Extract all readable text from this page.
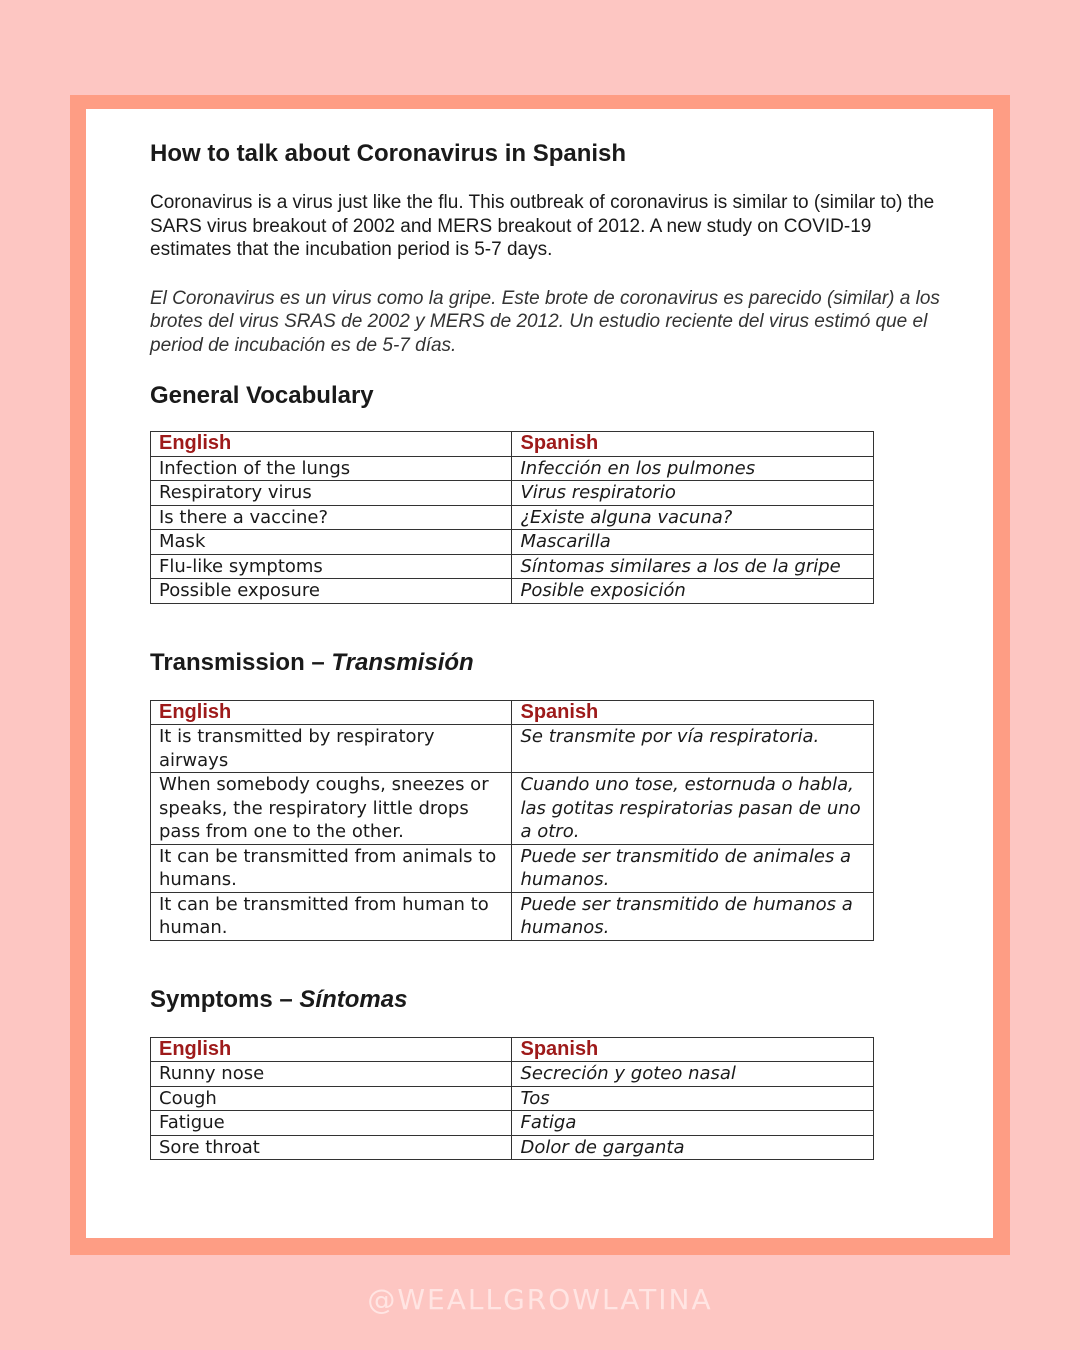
How to talk about Coronavirus in Spanish

Coronavirus is a virus just like the flu. This outbreak of coronavirus is similar to (similar to) the SARS virus breakout of 2002 and MERS breakout of 2012. A new study on COVID-19 estimates that the incubation period is 5-7 days.

El Coronavirus es un virus como la gripe. Este brote de coronavirus es parecido (similar) a los brotes del virus SRAS de 2002 y MERS de 2012. Un estudio reciente del virus estimó que el period de incubación es de 5-7 días.

General Vocabulary
English	Spanish
Infection of the lungs	Infección en los pulmones
Respiratory virus	Virus respiratorio
Is there a vaccine?	¿Existe alguna vacuna?
Mask	Mascarilla
Flu-like symptoms	Síntomas similares a los de la gripe
Possible exposure	Posible exposición
Transmission – Transmisión
English	Spanish
It is transmitted by respiratory airways	Se transmite por vía respiratoria.
When somebody coughs, sneezes or speaks, the respiratory little drops pass from one to the other.	Cuando uno tose, estornuda o habla, las gotitas respiratorias pasan de uno a otro.
It can be transmitted from animals to humans.	Puede ser transmitido de animales a humanos.
It can be transmitted from human to human.	Puede ser transmitido de humanos a humanos.
Symptoms – Síntomas
English	Spanish
Runny nose	Secreción y goteo nasal
Cough	Tos
Fatigue	Fatiga
Sore throat	Dolor de garganta
@WEALLGROWLATINA
